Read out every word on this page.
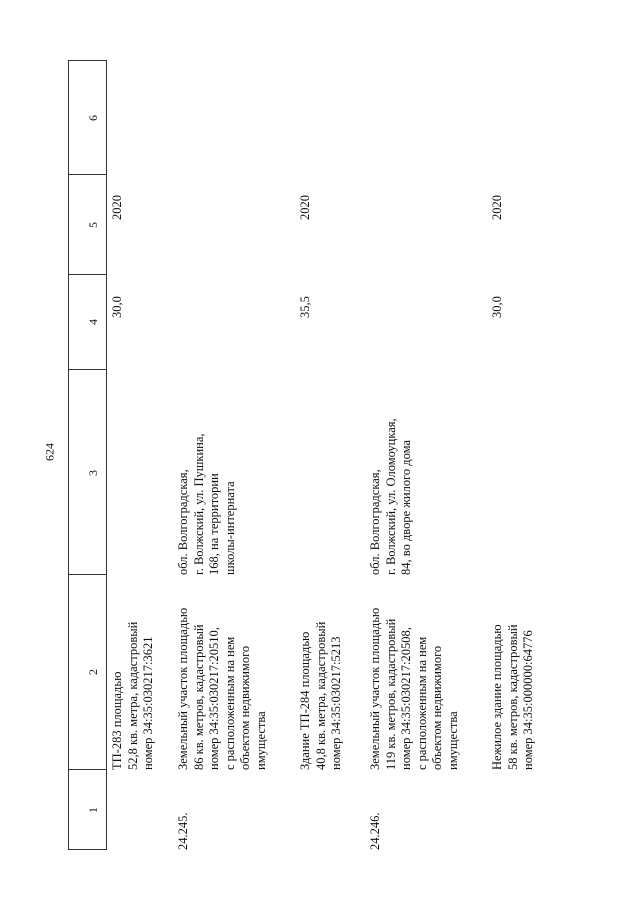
624
1
2
3
4
5
6
ТП-283 площадью 52,8 кв. метра, кадастровый номер 34:35:030217:3621
30,0
2020
24.245.
Земельный участок площадью 86 кв. метров, кадастровый номер 34:35:030217:20510, с расположенным на нем объектом недвижимого имущества
обл. Волгоградская, г. Волжский, ул. Пушкина, 168, на территории школы-интерната
Здание ТП-284 площадью 40,8 кв. метра, кадастровый номер 34:35:030217:5213
35,5
2020
24.246.
Земельный участок площадью 119 кв. метров, кадастровый номер 34:35:030217:20508, с расположенным на нем объектом недвижимого имущества
обл. Волгоградская, г. Волжский, ул. Оломоуцкая, 84, во дворе жилого дома
Нежилое здание площадью 58 кв. метров, кадастровый номер 34:35:000000:64776
30,0
2020
